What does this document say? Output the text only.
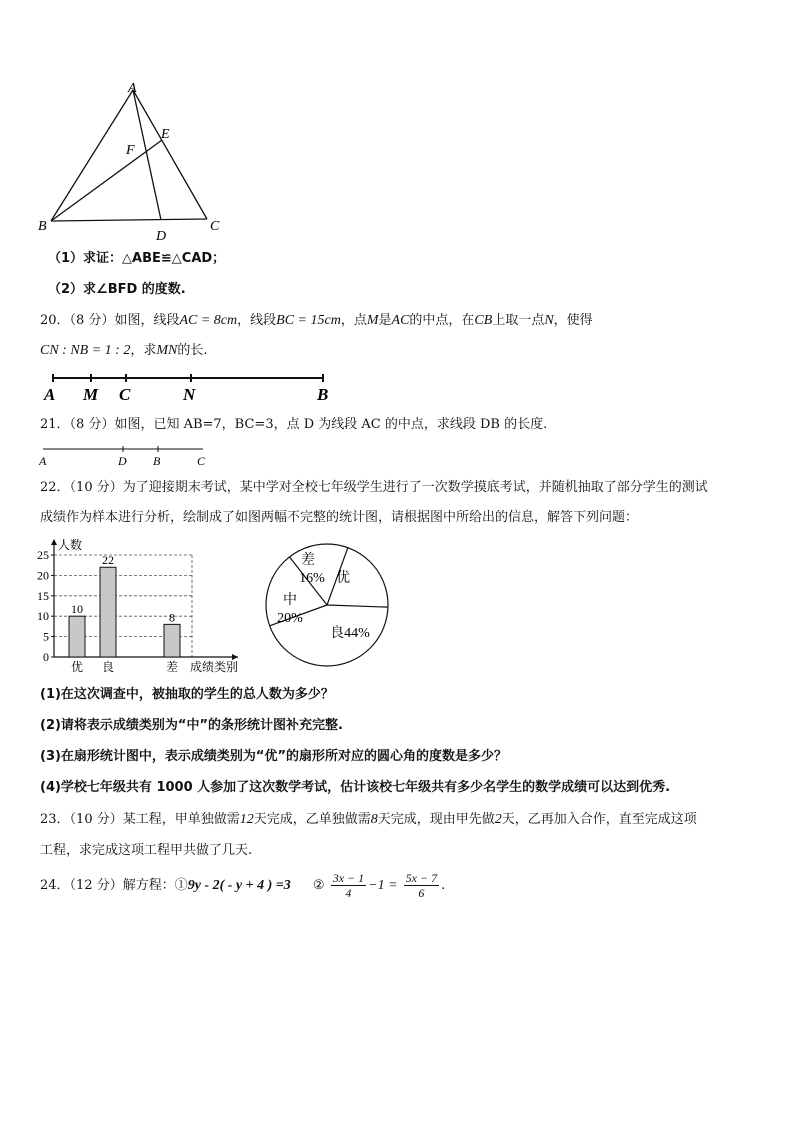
A
E
F
B	C
D
（1）求证：△ABE≌△CAD；
（2）求∠BFD 的度数.
20．（8 分）如图，线段AC = 8cm，线段BC = 15cm，点M是AC的中点，在CB上取一点N，使得
CN : NB = 1 : 2，求MN的长.
A M C	N	B
21．（8 分）如图，已知 AB=7，BC=3，点 D 为线段 AC 的中点，求线段 DB 的长度.
A	D B	C
22．（10 分）为了迎接期末考试，某中学对全校七年级学生进行了一次数学摸底考试，并随机抽取了部分学生的测试
成绩作为样本进行分析，绘制成了如图两幅不完整的统计图，请根据图中所给出的信息，解答下列问题：
0
5
10
15
20
25
人数
成绩类别
10
优
22
良
8
差
优
良44%
中
20%
差
16%
(1)在这次调查中，被抽取的学生的总人数为多少？
(2)请将表示成绩类别为“中”的条形统计图补充完整.
(3)在扇形统计图中，表示成绩类别为“优”的扇形所对应的圆心角的度数是多少？
(4)学校七年级共有 1000 人参加了这次数学考试，估计该校七年级共有多少名学生的数学成绩可以达到优秀.
23．（10 分）某工程，甲单独做需12天完成，乙单独做需8天完成，现由甲先做2天，乙再加入合作，直至完成这项
工程，求完成这项工程甲共做了几天.
24．（12 分）解方程：①9y - 2( - y + 4 ) =3 ② $\frac{3x - 1}{4} -1 = \frac{5x - 7}{6}$ .
